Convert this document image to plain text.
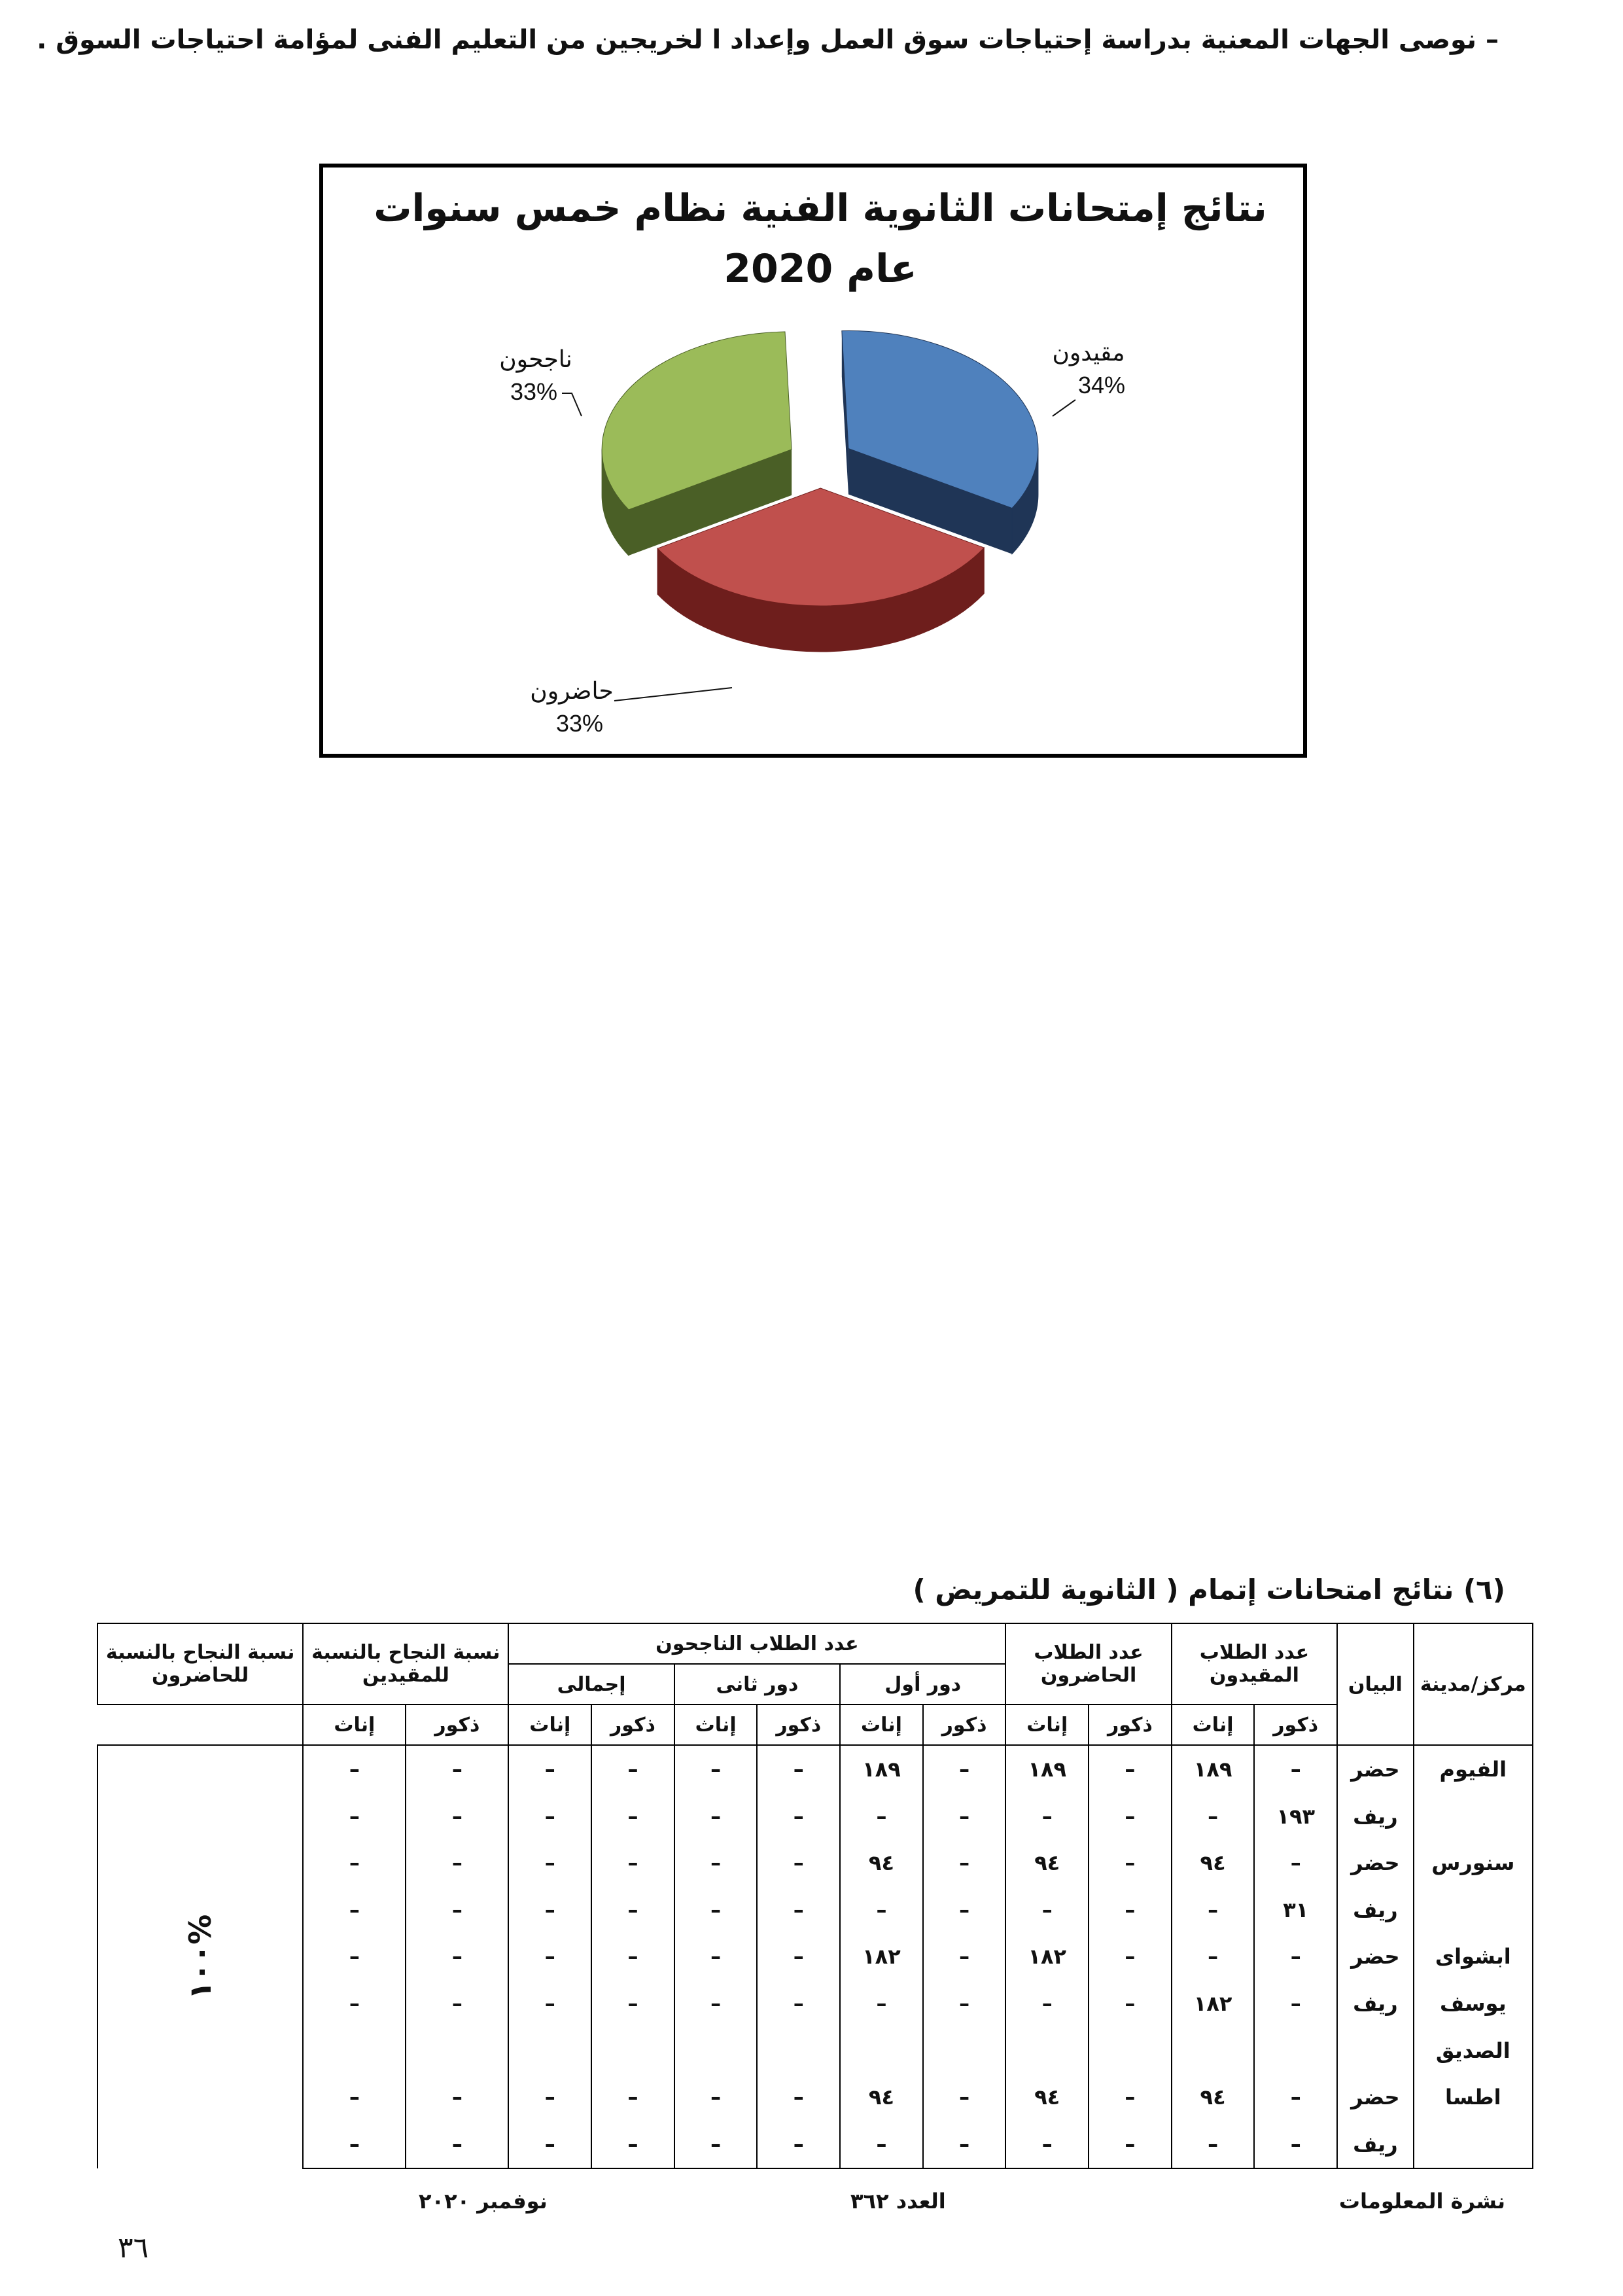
– نوصى الجهات المعنية بدراسة إحتياجات سوق العمل وإعداد ا لخريجين من التعليم الفنى لمؤامة احتياجات السوق .
نتائج إمتحانات الثانوية الفنية نظام خمس سنوات
عام 2020
مقيدون
34%
ناجحون
33%
حاضرون
33%
(٦) نتائج امتحانات إتمام ( الثانوية للتمريض )
مركز/مدينة	البيان	عدد الطلاب المقيدون		عدد الطلاب الحاضرون		عدد الطلاب الناجحون						نسبة النجاح بالنسبة للمقيدين		نسبة النجاح بالنسبة للحاضرون
						دور أول		دور ثانى		إجمالى				
		ذكور	إناث	ذكور	إناث	ذكور	إناث	ذكور	إناث	ذكور	إناث	ذكور	إناث	
الفيوم	حضر	–	١٨٩	–	١٨٩	–	١٨٩	–	–	–	–	–	–	١٠٠%
	ريف	١٩٣	–	–	–	–	–	–	–	–	–	–	–	
سنورس	حضر	–	٩٤	–	٩٤	–	٩٤	–	–	–	–	–	–	
	ريف	٣١	–	–	–	–	–	–	–	–	–	–	–	
ابشواى	حضر	–	–	–	١٨٢	–	١٨٢	–	–	–	–	–	–	
يوسف	ريف	–	١٨٢	–	–	–	–	–	–	–	–	–	–	
الصديق														
اطسا	حضر	–	٩٤	–	٩٤	–	٩٤	–	–	–	–	–	–	
	ريف	–	–	–	–	–	–	–	–	–	–	–	–	
نشرة المعلومات
العدد ٣٦٢
نوفمبر ٢٠٢٠
٣٦
